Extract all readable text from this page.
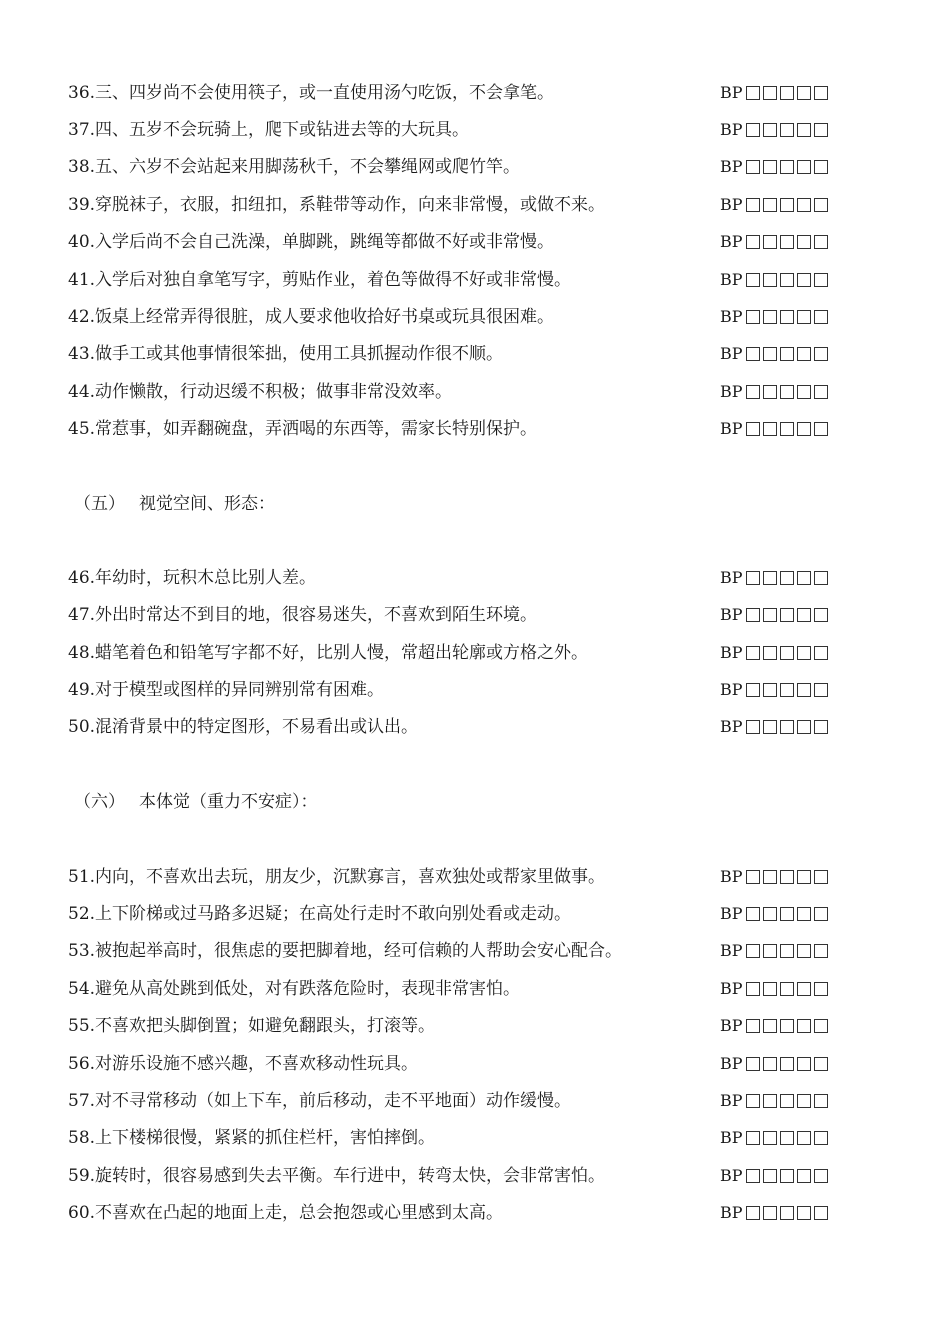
36.三、四岁尚不会使用筷子，或一直使用汤勺吃饭，不会拿笔。	BP
37.四、五岁不会玩骑上，爬下或钻进去等的大玩具。	BP
38.五、六岁不会站起来用脚荡秋千，不会攀绳网或爬竹竿。	BP
39.穿脱袜子，衣服，扣纽扣，系鞋带等动作，向来非常慢，或做不来。	BP
40.入学后尚不会自己洗澡，单脚跳，跳绳等都做不好或非常慢。	BP
41.入学后对独自拿笔写字，剪贴作业，着色等做得不好或非常慢。	BP
42.饭桌上经常弄得很脏，成人要求他收拾好书桌或玩具很困难。	BP
43.做手工或其他事情很笨拙，使用工具抓握动作很不顺。	BP
44.动作懒散，行动迟缓不积极；做事非常没效率。	BP
45.常惹事，如弄翻碗盘，弄洒喝的东西等，需家长特别保护。	BP
（五） 视觉空间、形态：
46.年幼时，玩积木总比别人差。	BP
47.外出时常达不到目的地，很容易迷失，不喜欢到陌生环境。	BP
48.蜡笔着色和铅笔写字都不好，比别人慢，常超出轮廓或方格之外。	BP
49.对于模型或图样的异同辨别常有困难。	BP
50.混淆背景中的特定图形，不易看出或认出。	BP
（六） 本体觉（重力不安症）：
51.内向，不喜欢出去玩，朋友少，沉默寡言，喜欢独处或帮家里做事。	BP
52.上下阶梯或过马路多迟疑；在高处行走时不敢向别处看或走动。	BP
53.被抱起举高时，很焦虑的要把脚着地，经可信赖的人帮助会安心配合。	BP
54.避免从高处跳到低处，对有跌落危险时，表现非常害怕。	BP
55.不喜欢把头脚倒置；如避免翻跟头，打滚等。	BP
56.对游乐设施不感兴趣，不喜欢移动性玩具。	BP
57.对不寻常移动（如上下车，前后移动，走不平地面）动作缓慢。	BP
58.上下楼梯很慢，紧紧的抓住栏杆，害怕摔倒。	BP
59.旋转时，很容易感到失去平衡。车行进中，转弯太快，会非常害怕。	BP
60.不喜欢在凸起的地面上走，总会抱怨或心里感到太高。	BP
